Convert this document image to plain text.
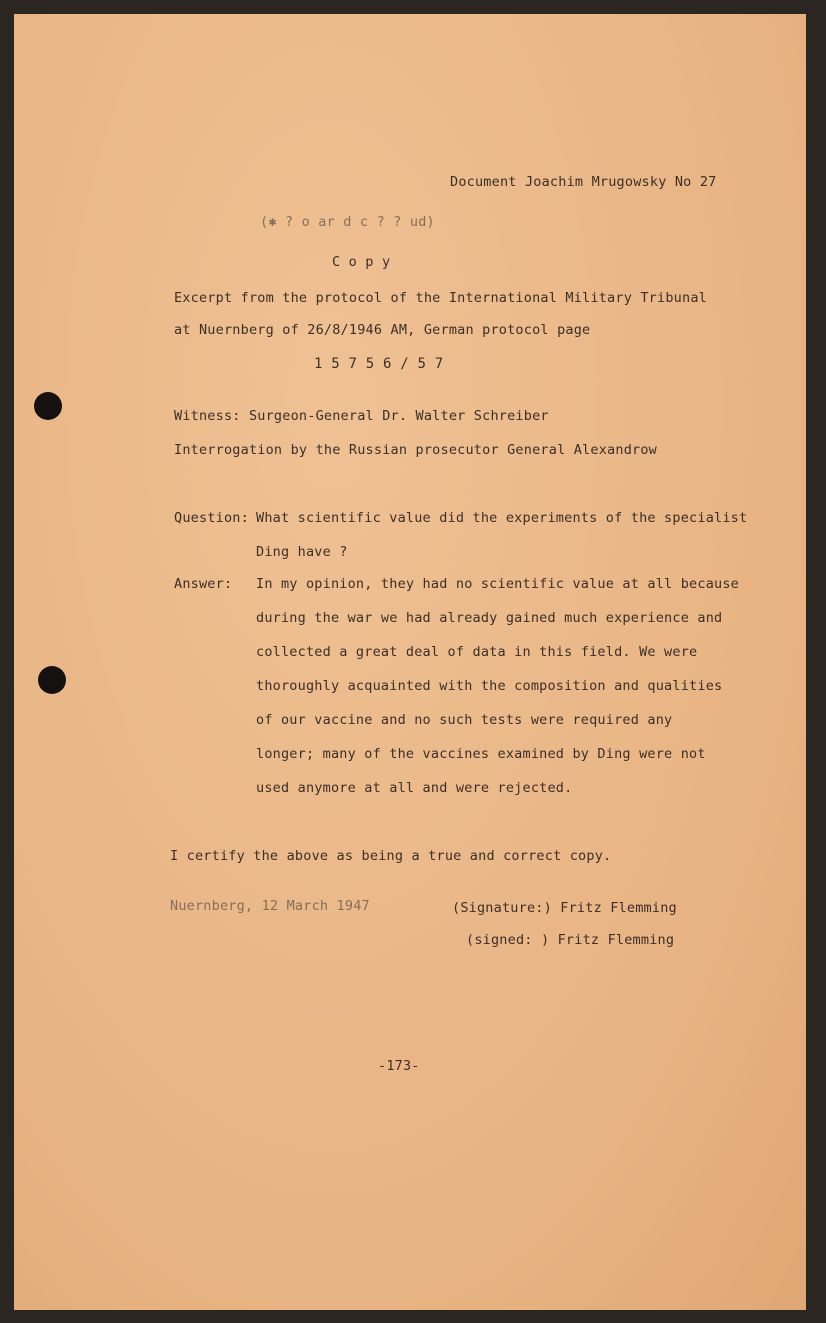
Document Joachim Mrugowsky No 27
(✱ ? o ar d c ? ? ud)
C o p y
Excerpt from the protocol of the International Military Tribunal
at Nuernberg of 26/8/1946 AM, German protocol page
1 5 7 5 6 / 5 7
Witness: Surgeon-General Dr. Walter Schreiber
Interrogation by the Russian prosecutor General Alexandrow
Question: What scientific value did the experiments of the specialist
Ding have ?
Answer: In my opinion, they had no scientific value at all because
during the war we had already gained much experience and
collected a great deal of data in this field. We were
thoroughly acquainted with the composition and qualities
of our vaccine and no such tests were required any
longer; many of the vaccines examined by Ding were not
used anymore at all and were rejected.
I certify the above as being a true and correct copy.
Nuernberg, 12 March 1947	(Signature:) Fritz Flemming
(signed: ) Fritz Flemming
-173-
